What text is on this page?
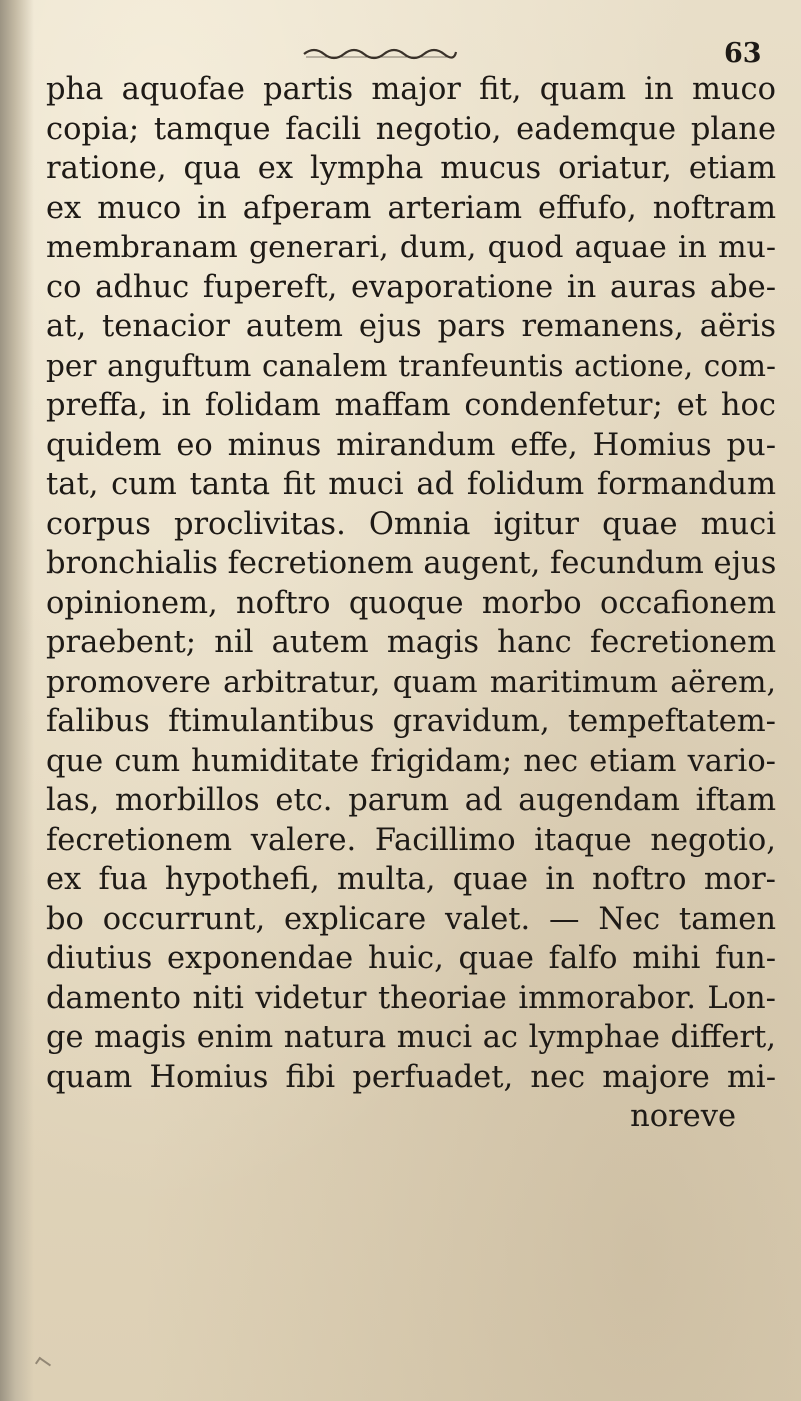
63
pha aquofae partis major fit, quam in muco
copia; tamque facili negotio, eademque plane
ratione, qua ex lympha mucus oriatur, etiam
ex muco in afperam arteriam effufo, noftram
membranam generari, dum, quod aquae in mu-
co adhuc fupereft, evaporatione in auras abe-
at, tenacior autem ejus pars remanens, aëris
per anguftum canalem tranfeuntis actione, com-
preffa, in folidam maffam condenfetur; et hoc
quidem eo minus mirandum effe, Homius pu-
tat, cum tanta fit muci ad folidum formandum
corpus proclivitas. Omnia igitur quae muci
bronchialis fecretionem augent, fecundum ejus
opinionem, noftro quoque morbo occafionem
praebent; nil autem magis hanc fecretionem
promovere arbitratur, quam maritimum aërem,
falibus ftimulantibus gravidum, tempeftatem-
que cum humiditate frigidam; nec etiam vario-
las, morbillos etc. parum ad augendam iftam
fecretionem valere. Facillimo itaque negotio,
ex fua hypothefi, multa, quae in noftro mor-
bo occurrunt, explicare valet. — Nec tamen
diutius exponendae huic, quae falfo mihi fun-
damento niti videtur theoriae immorabor. Lon-
ge magis enim natura muci ac lymphae differt,
quam Homius fibi perfuadet, nec majore mi-
noreve
